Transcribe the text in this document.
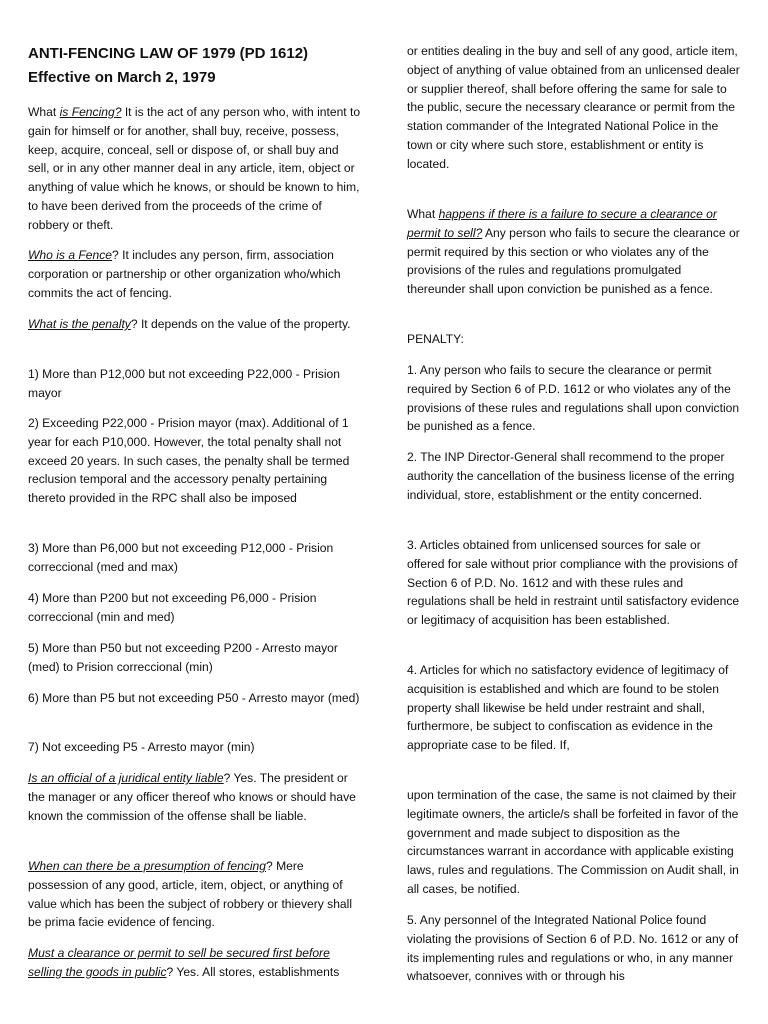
ANTI-FENCING LAW OF 1979 (PD 1612)
Effective on March 2, 1979

What is Fencing? It is the act of any person who, with intent to gain for himself or for another, shall buy, receive, possess, keep, acquire, conceal, sell or dispose of, or shall buy and sell, or in any other manner deal in any article, item, object or anything of value which he knows, or should be known to him, to have been derived from the proceeds of the crime of robbery or theft.

Who is a Fence? It includes any person, firm, association corporation or partnership or other organization who/which commits the act of fencing.

What is the penalty? It depends on the value of the property.

1) More than P12,000 but not exceeding P22,000 - Prision mayor

2) Exceeding P22,000 - Prision mayor (max). Additional of 1 year for each P10,000. However, the total penalty shall not exceed 20 years. In such cases, the penalty shall be termed reclusion temporal and the accessory penalty pertaining thereto provided in the RPC shall also be imposed

3) More than P6,000 but not exceeding P12,000 - Prision correccional (med and max)

4) More than P200 but not exceeding P6,000 - Prision correccional (min and med)

5) More than P50 but not exceeding P200 - Arresto mayor (med) to Prision correccional (min)

6) More than P5 but not exceeding P50 - Arresto mayor (med)

7) Not exceeding P5 - Arresto mayor (min)

Is an official of a juridical entity liable? Yes. The president or the manager or any officer thereof who knows or should have known the commission of the offense shall be liable.

When can there be a presumption of fencing? Mere possession of any good, article, item, object, or anything of value which has been the subject of robbery or thievery shall be prima facie evidence of fencing.

Must a clearance or permit to sell be secured first before selling the goods in public? Yes. All stores, establishments

or entities dealing in the buy and sell of any good, article item, object of anything of value obtained from an unlicensed dealer or supplier thereof, shall before offering the same for sale to the public, secure the necessary clearance or permit from the station commander of the Integrated National Police in the town or city where such store, establishment or entity is located.

What happens if there is a failure to secure a clearance or permit to sell? Any person who fails to secure the clearance or permit required by this section or who violates any of the provisions of the rules and regulations promulgated thereunder shall upon conviction be punished as a fence.

PENALTY:

1. Any person who fails to secure the clearance or permit required by Section 6 of P.D. 1612 or who violates any of the provisions of these rules and regulations shall upon conviction be punished as a fence.

2. The INP Director-General shall recommend to the proper authority the cancellation of the business license of the erring individual, store, establishment or the entity concerned.

3. Articles obtained from unlicensed sources for sale or offered for sale without prior compliance with the provisions of Section 6 of P.D. No. 1612 and with these rules and regulations shall be held in restraint until satisfactory evidence or legitimacy of acquisition has been established.

4. Articles for which no satisfactory evidence of legitimacy of acquisition is established and which are found to be stolen property shall likewise be held under restraint and shall, furthermore, be subject to confiscation as evidence in the appropriate case to be filed. If,

upon termination of the case, the same is not claimed by their legitimate owners, the article/s shall be forfeited in favor of the government and made subject to disposition as the circumstances warrant in accordance with applicable existing laws, rules and regulations. The Commission on Audit shall, in all cases, be notified.

5. Any personnel of the Integrated National Police found violating the provisions of Section 6 of P.D. No. 1612 or any of its implementing rules and regulations or who, in any manner whatsoever, connives with or through his
